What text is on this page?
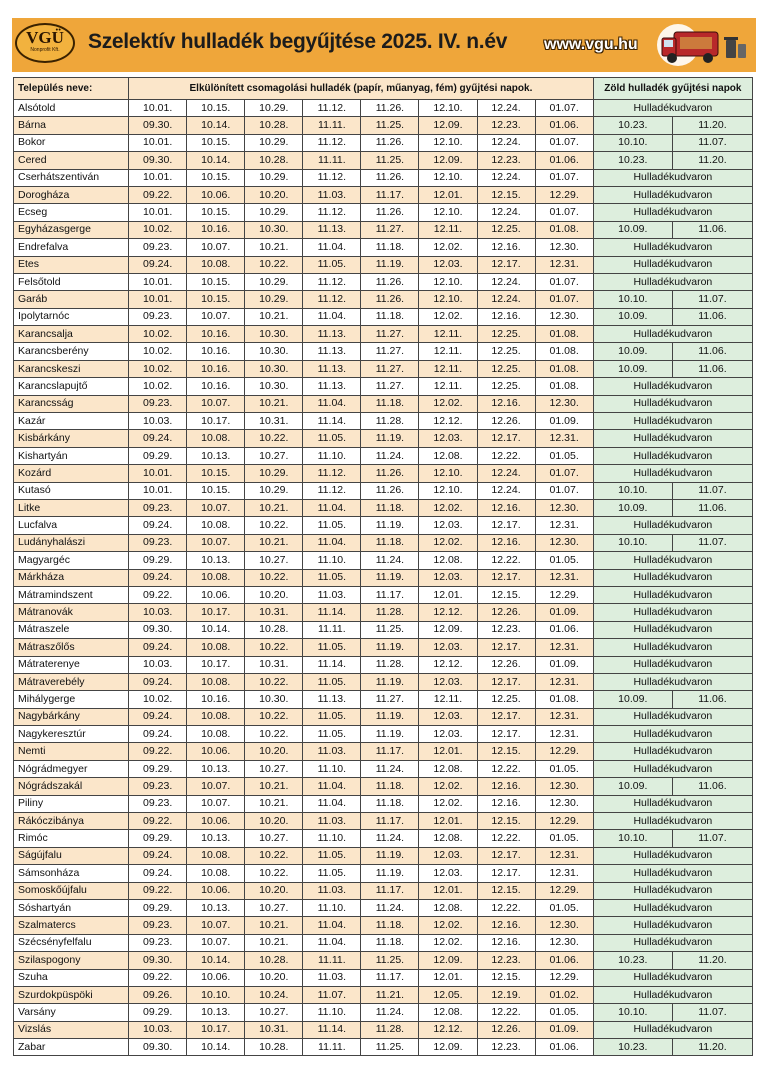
VGÜ
Nonprofit Kft.	Szelektív hulladék begyűjtése 2025. IV. n.év www.vgu.hu
Település neve:	Elkülönített csomagolási hulladék (papír, műanyag, fém) gyűjtési napok.								Zöld hulladék gyűjtési napok	
Alsótold	10.01.	10.15.	10.29.	11.12.	11.26.	12.10.	12.24.	01.07.	Hulladékudvaron	
Bárna	09.30.	10.14.	10.28.	11.11.	11.25.	12.09.	12.23.	01.06.	10.23.	11.20.
Bokor	10.01.	10.15.	10.29.	11.12.	11.26.	12.10.	12.24.	01.07.	10.10.	11.07.
Cered	09.30.	10.14.	10.28.	11.11.	11.25.	12.09.	12.23.	01.06.	10.23.	11.20.
Cserhátszentiván	10.01.	10.15.	10.29.	11.12.	11.26.	12.10.	12.24.	01.07.	Hulladékudvaron	
Dorogháza	09.22.	10.06.	10.20.	11.03.	11.17.	12.01.	12.15.	12.29.	Hulladékudvaron	
Ecseg	10.01.	10.15.	10.29.	11.12.	11.26.	12.10.	12.24.	01.07.	Hulladékudvaron	
Egyházasgerge	10.02.	10.16.	10.30.	11.13.	11.27.	12.11.	12.25.	01.08.	10.09.	11.06.
Endrefalva	09.23.	10.07.	10.21.	11.04.	11.18.	12.02.	12.16.	12.30.	Hulladékudvaron	
Etes	09.24.	10.08.	10.22.	11.05.	11.19.	12.03.	12.17.	12.31.	Hulladékudvaron	
Felsőtold	10.01.	10.15.	10.29.	11.12.	11.26.	12.10.	12.24.	01.07.	Hulladékudvaron	
Garáb	10.01.	10.15.	10.29.	11.12.	11.26.	12.10.	12.24.	01.07.	10.10.	11.07.
Ipolytarnóc	09.23.	10.07.	10.21.	11.04.	11.18.	12.02.	12.16.	12.30.	10.09.	11.06.
Karancsalja	10.02.	10.16.	10.30.	11.13.	11.27.	12.11.	12.25.	01.08.	Hulladékudvaron	
Karancsberény	10.02.	10.16.	10.30.	11.13.	11.27.	12.11.	12.25.	01.08.	10.09.	11.06.
Karancskeszi	10.02.	10.16.	10.30.	11.13.	11.27.	12.11.	12.25.	01.08.	10.09.	11.06.
Karancslapujtő	10.02.	10.16.	10.30.	11.13.	11.27.	12.11.	12.25.	01.08.	Hulladékudvaron	
Karancsság	09.23.	10.07.	10.21.	11.04.	11.18.	12.02.	12.16.	12.30.	Hulladékudvaron	
Kazár	10.03.	10.17.	10.31.	11.14.	11.28.	12.12.	12.26.	01.09.	Hulladékudvaron	
Kisbárkány	09.24.	10.08.	10.22.	11.05.	11.19.	12.03.	12.17.	12.31.	Hulladékudvaron	
Kishartyán	09.29.	10.13.	10.27.	11.10.	11.24.	12.08.	12.22.	01.05.	Hulladékudvaron	
Kozárd	10.01.	10.15.	10.29.	11.12.	11.26.	12.10.	12.24.	01.07.	Hulladékudvaron	
Kutasó	10.01.	10.15.	10.29.	11.12.	11.26.	12.10.	12.24.	01.07.	10.10.	11.07.
Litke	09.23.	10.07.	10.21.	11.04.	11.18.	12.02.	12.16.	12.30.	10.09.	11.06.
Lucfalva	09.24.	10.08.	10.22.	11.05.	11.19.	12.03.	12.17.	12.31.	Hulladékudvaron	
Ludányhalászi	09.23.	10.07.	10.21.	11.04.	11.18.	12.02.	12.16.	12.30.	10.10.	11.07.
Magyargéc	09.29.	10.13.	10.27.	11.10.	11.24.	12.08.	12.22.	01.05.	Hulladékudvaron	
Márkháza	09.24.	10.08.	10.22.	11.05.	11.19.	12.03.	12.17.	12.31.	Hulladékudvaron	
Mátramindszent	09.22.	10.06.	10.20.	11.03.	11.17.	12.01.	12.15.	12.29.	Hulladékudvaron	
Mátranovák	10.03.	10.17.	10.31.	11.14.	11.28.	12.12.	12.26.	01.09.	Hulladékudvaron	
Mátraszele	09.30.	10.14.	10.28.	11.11.	11.25.	12.09.	12.23.	01.06.	Hulladékudvaron	
Mátraszőlős	09.24.	10.08.	10.22.	11.05.	11.19.	12.03.	12.17.	12.31.	Hulladékudvaron	
Mátraterenye	10.03.	10.17.	10.31.	11.14.	11.28.	12.12.	12.26.	01.09.	Hulladékudvaron	
Mátraverebély	09.24.	10.08.	10.22.	11.05.	11.19.	12.03.	12.17.	12.31.	Hulladékudvaron	
Mihálygerge	10.02.	10.16.	10.30.	11.13.	11.27.	12.11.	12.25.	01.08.	10.09.	11.06.
Nagybárkány	09.24.	10.08.	10.22.	11.05.	11.19.	12.03.	12.17.	12.31.	Hulladékudvaron	
Nagykeresztúr	09.24.	10.08.	10.22.	11.05.	11.19.	12.03.	12.17.	12.31.	Hulladékudvaron	
Nemti	09.22.	10.06.	10.20.	11.03.	11.17.	12.01.	12.15.	12.29.	Hulladékudvaron	
Nógrádmegyer	09.29.	10.13.	10.27.	11.10.	11.24.	12.08.	12.22.	01.05.	Hulladékudvaron	
Nógrádszakál	09.23.	10.07.	10.21.	11.04.	11.18.	12.02.	12.16.	12.30.	10.09.	11.06.
Piliny	09.23.	10.07.	10.21.	11.04.	11.18.	12.02.	12.16.	12.30.	Hulladékudvaron	
Rákóczibánya	09.22.	10.06.	10.20.	11.03.	11.17.	12.01.	12.15.	12.29.	Hulladékudvaron	
Rimóc	09.29.	10.13.	10.27.	11.10.	11.24.	12.08.	12.22.	01.05.	10.10.	11.07.
Ságújfalu	09.24.	10.08.	10.22.	11.05.	11.19.	12.03.	12.17.	12.31.	Hulladékudvaron	
Sámsonháza	09.24.	10.08.	10.22.	11.05.	11.19.	12.03.	12.17.	12.31.	Hulladékudvaron	
Somoskőújfalu	09.22.	10.06.	10.20.	11.03.	11.17.	12.01.	12.15.	12.29.	Hulladékudvaron	
Sóshartyán	09.29.	10.13.	10.27.	11.10.	11.24.	12.08.	12.22.	01.05.	Hulladékudvaron	
Szalmatercs	09.23.	10.07.	10.21.	11.04.	11.18.	12.02.	12.16.	12.30.	Hulladékudvaron	
Szécsényfelfalu	09.23.	10.07.	10.21.	11.04.	11.18.	12.02.	12.16.	12.30.	Hulladékudvaron	
Szilaspogony	09.30.	10.14.	10.28.	11.11.	11.25.	12.09.	12.23.	01.06.	10.23.	11.20.
Szuha	09.22.	10.06.	10.20.	11.03.	11.17.	12.01.	12.15.	12.29.	Hulladékudvaron	
Szurdokpüspöki	09.26.	10.10.	10.24.	11.07.	11.21.	12.05.	12.19.	01.02.	Hulladékudvaron	
Varsány	09.29.	10.13.	10.27.	11.10.	11.24.	12.08.	12.22.	01.05.	10.10.	11.07.
Vizslás	10.03.	10.17.	10.31.	11.14.	11.28.	12.12.	12.26.	01.09.	Hulladékudvaron	
Zabar	09.30.	10.14.	10.28.	11.11.	11.25.	12.09.	12.23.	01.06.	10.23.	11.20.
